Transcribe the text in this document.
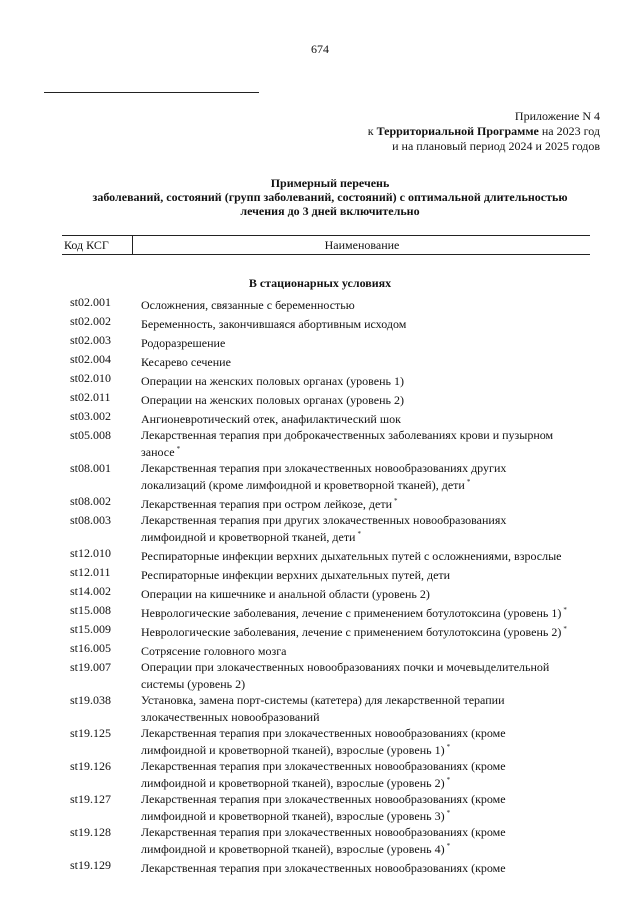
674
Приложение N 4
к Территориальной Программе на 2023 год
и на плановый период 2024 и 2025 годов
Примерный перечень
заболеваний, состояний (групп заболеваний, состояний) с оптимальной длительностью
лечения до 3 дней включительно
Код КСГ	Наименование
В стационарных условиях
st02.001	Осложнения, связанные с беременностью
st02.002	Беременность, закончившаяся абортивным исходом
st02.003	Родоразрешение
st02.004	Кесарево сечение
st02.010	Операции на женских половых органах (уровень 1)
st02.011	Операции на женских половых органах (уровень 2)
st03.002	Ангионевротический отек, анафилактический шок
st05.008	Лекарственная терапия при доброкачественных заболеваниях крови и пузырном заносе *
st08.001	Лекарственная терапия при злокачественных новообразованиях других локализаций (кроме лимфоидной и кроветворной тканей), дети *
st08.002	Лекарственная терапия при остром лейкозе, дети *
st08.003	Лекарственная терапия при других злокачественных новообразованиях лимфоидной и кроветворной тканей, дети *
st12.010	Респираторные инфекции верхних дыхательных путей с осложнениями, взрослые
st12.011	Респираторные инфекции верхних дыхательных путей, дети
st14.002	Операции на кишечнике и анальной области (уровень 2)
st15.008	Неврологические заболевания, лечение с применением ботулотоксина (уровень 1) *
st15.009	Неврологические заболевания, лечение с применением ботулотоксина (уровень 2) *
st16.005	Сотрясение головного мозга
st19.007	Операции при злокачественных новообразованиях почки и мочевыделительной системы (уровень 2)
st19.038	Установка, замена порт-системы (катетера) для лекарственной терапии злокачественных новообразований
st19.125	Лекарственная терапия при злокачественных новообразованиях (кроме лимфоидной и кроветворной тканей), взрослые (уровень 1) *
st19.126	Лекарственная терапия при злокачественных новообразованиях (кроме лимфоидной и кроветворной тканей), взрослые (уровень 2) *
st19.127	Лекарственная терапия при злокачественных новообразованиях (кроме лимфоидной и кроветворной тканей), взрослые (уровень 3) *
st19.128	Лекарственная терапия при злокачественных новообразованиях (кроме лимфоидной и кроветворной тканей), взрослые (уровень 4) *
st19.129	Лекарственная терапия при злокачественных новообразованиях (кроме
